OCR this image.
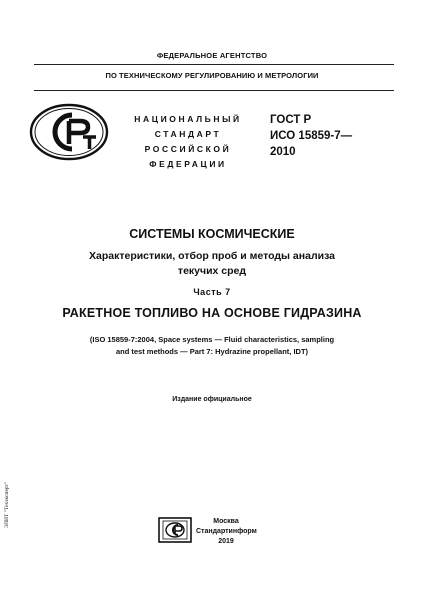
ФЕДЕРАЛЬНОЕ АГЕНТСТВО
ПО ТЕХНИЧЕСКОМУ РЕГУЛИРОВАНИЮ И МЕТРОЛОГИИ
НАЦИОНАЛЬНЫЙ
СТАНДАРТ
РОССИЙСКОЙ
ФЕДЕРАЦИИ
ГОСТ Р
ИСО 15859-7—
2010
СИСТЕМЫ КОСМИЧЕСКИЕ
Характеристики, отбор проб и методы анализа
текучих сред
Часть 7
РАКЕТНОЕ ТОПЛИВО НА ОСНОВЕ ГИДРАЗИНА
(ISO 15859-7:2004, Space systems — Fluid characteristics, sampling
and test methods — Part 7: Hydrazine propellant, IDT)
Издание официальное
Москва
Стандартинформ
2019
ЭЛИТ "Техэксперт"
